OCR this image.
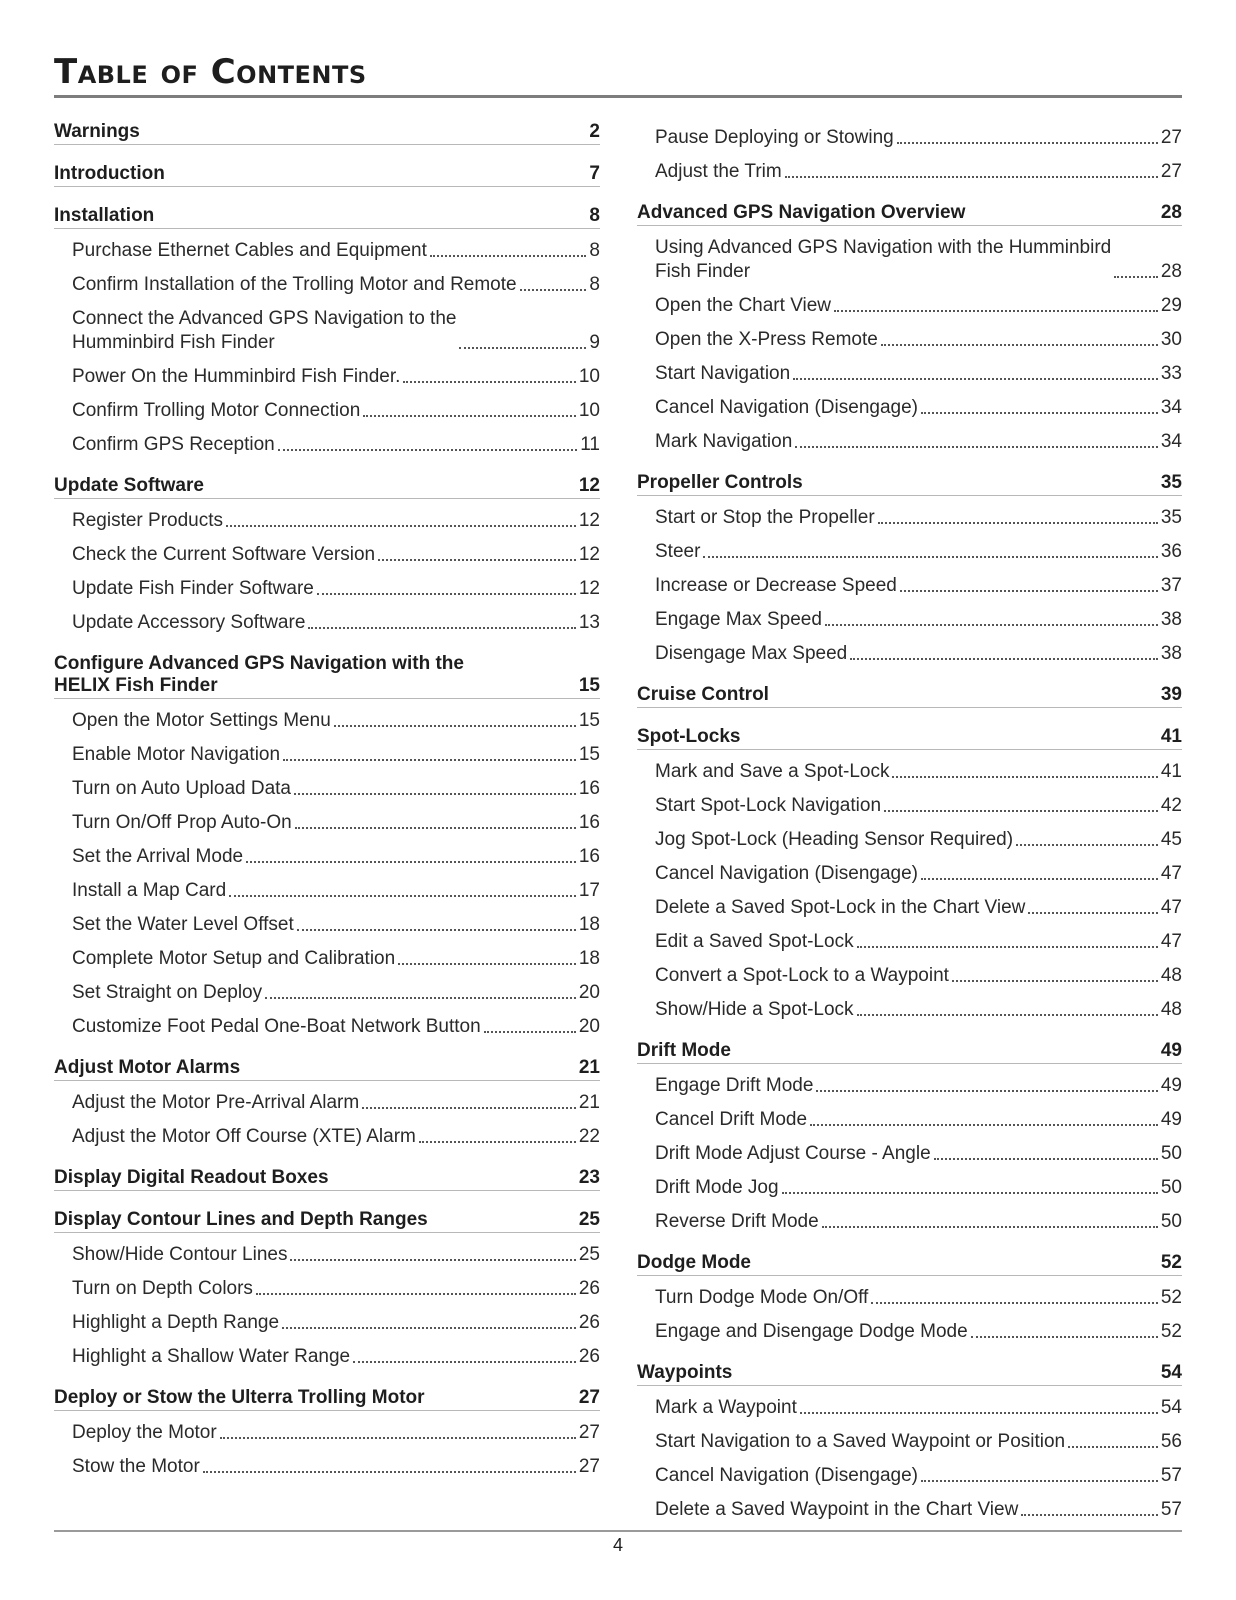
Table of Contents
Warnings	2
Introduction	7
Installation	8
Purchase Ethernet Cables and Equipment	8
Confirm Installation of the Trolling Motor and Remote	8
Connect the Advanced GPS Navigation to the
Humminbird Fish Finder	9
Power On the Humminbird Fish Finder.	10
Confirm Trolling Motor Connection	10
Confirm GPS Reception	11
Update Software	12
Register Products	12
Check the Current Software Version	12
Update Fish Finder Software	12
Update Accessory Software	13
Configure Advanced GPS Navigation with the
HELIX Fish Finder	15
Open the Motor Settings Menu	15
Enable Motor Navigation	15
Turn on Auto Upload Data	16
Turn On/Off Prop Auto-On	16
Set the Arrival Mode	16
Install a Map Card	17
Set the Water Level Offset	18
Complete Motor Setup and Calibration	18
Set Straight on Deploy	20
Customize Foot Pedal One-Boat Network Button	20
Adjust Motor Alarms	21
Adjust the Motor Pre-Arrival Alarm	21
Adjust the Motor Off Course (XTE) Alarm	22
Display Digital Readout Boxes	23
Display Contour Lines and Depth Ranges	25
Show/Hide Contour Lines	25
Turn on Depth Colors	26
Highlight a Depth Range	26
Highlight a Shallow Water Range	26
Deploy or Stow the Ulterra Trolling Motor	27
Deploy the Motor	27
Stow the Motor	27
Pause Deploying or Stowing	27
Adjust the Trim	27
Advanced GPS Navigation Overview	28
Using Advanced GPS Navigation with the Humminbird
Fish Finder	28
Open the Chart View	29
Open the X-Press Remote	30
Start Navigation	33
Cancel Navigation (Disengage)	34
Mark Navigation	34
Propeller Controls	35
Start or Stop the Propeller	35
Steer	36
Increase or Decrease Speed	37
Engage Max Speed	38
Disengage Max Speed	38
Cruise Control	39
Spot-Locks	41
Mark and Save a Spot-Lock	41
Start Spot-Lock Navigation	42
Jog Spot-Lock (Heading Sensor Required)	45
Cancel Navigation (Disengage)	47
Delete a Saved Spot-Lock in the Chart View	47
Edit a Saved Spot-Lock	47
Convert a Spot-Lock to a Waypoint	48
Show/Hide a Spot-Lock	48
Drift Mode	49
Engage Drift Mode	49
Cancel Drift Mode	49
Drift Mode Adjust Course - Angle	50
Drift Mode Jog	50
Reverse Drift Mode	50
Dodge Mode	52
Turn Dodge Mode On/Off	52
Engage and Disengage Dodge Mode	52
Waypoints	54
Mark a Waypoint	54
Start Navigation to a Saved Waypoint or Position	56
Cancel Navigation (Disengage)	57
Delete a Saved Waypoint in the Chart View	57
4
